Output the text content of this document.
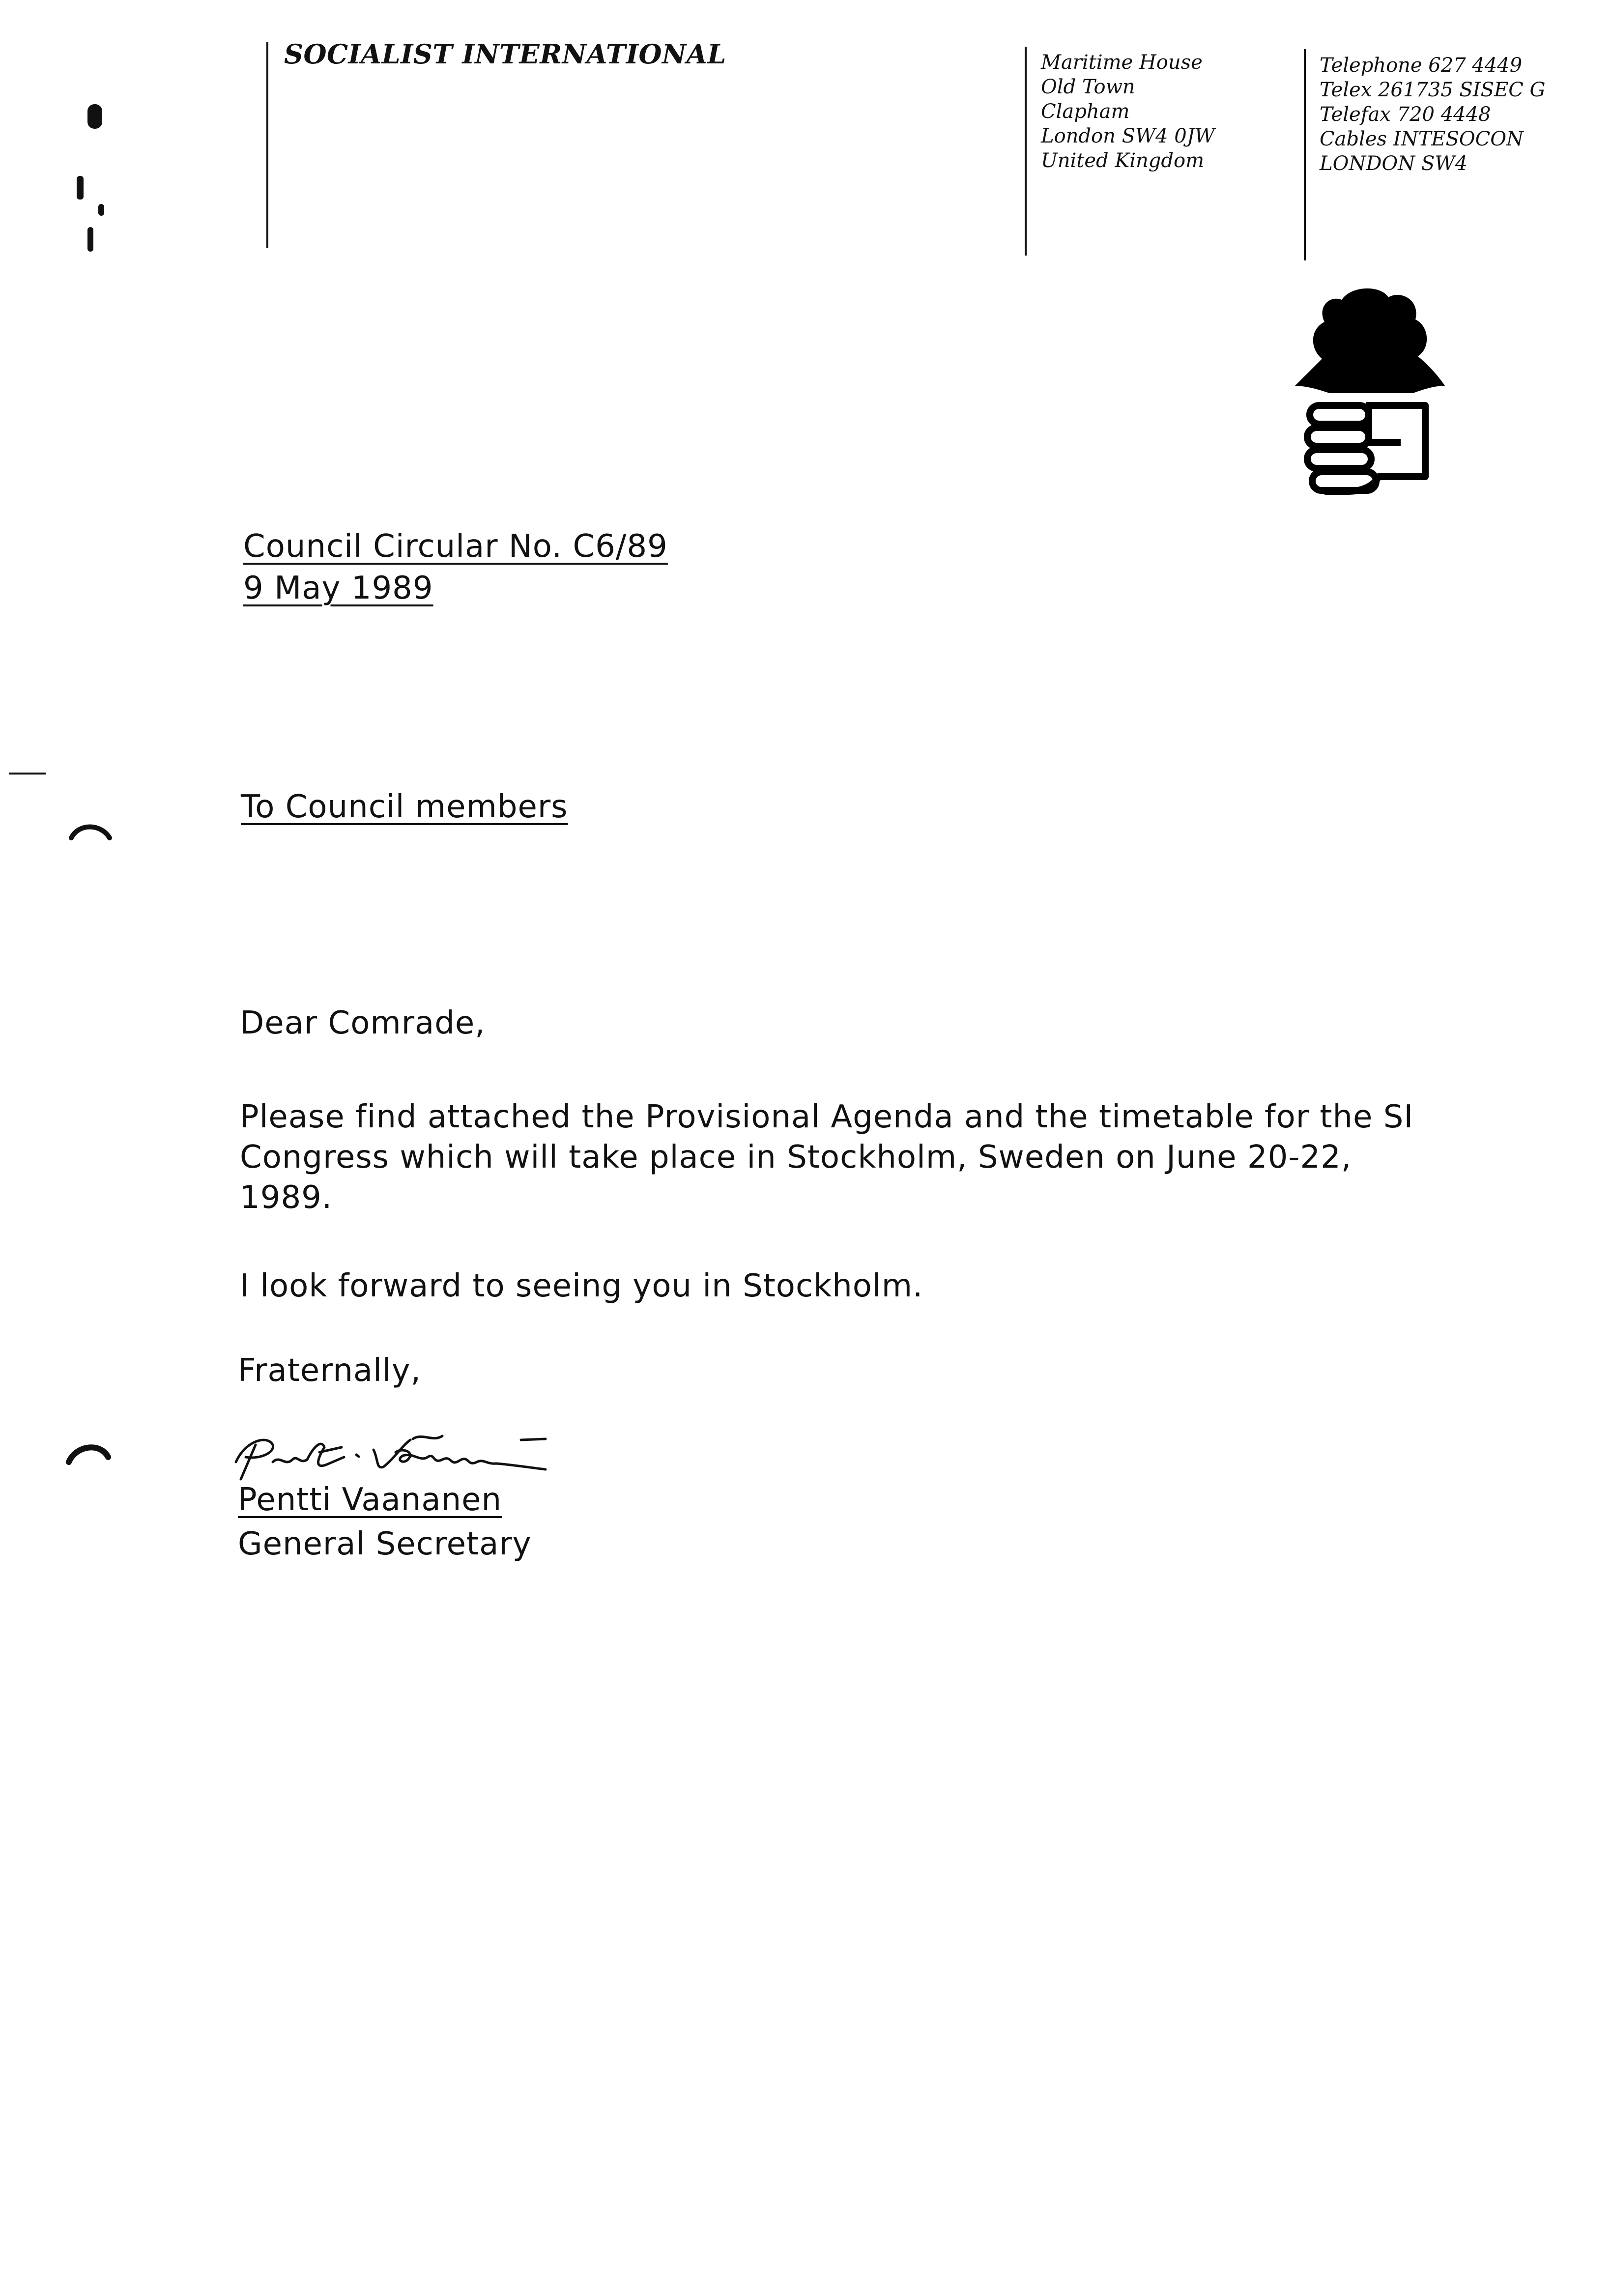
SOCIALIST INTERNATIONAL	Maritime House
Old Town
Clapham
London SW4 0JW
United Kingdom
Telephone 627 4449
Telex 261735 SISEC G
Telefax 720 4448
Cables INTESOCON
LONDON SW4
Council Circular No. C6/89
9 May 1989
To Council members
Dear Comrade,
Please find attached the Provisional Agenda and the timetable for the SI
Congress which will take place in Stockholm, Sweden on June 20-22,
1989.
I look forward to seeing you in Stockholm.
Fraternally,
Pentti Vaananen
General Secretary
